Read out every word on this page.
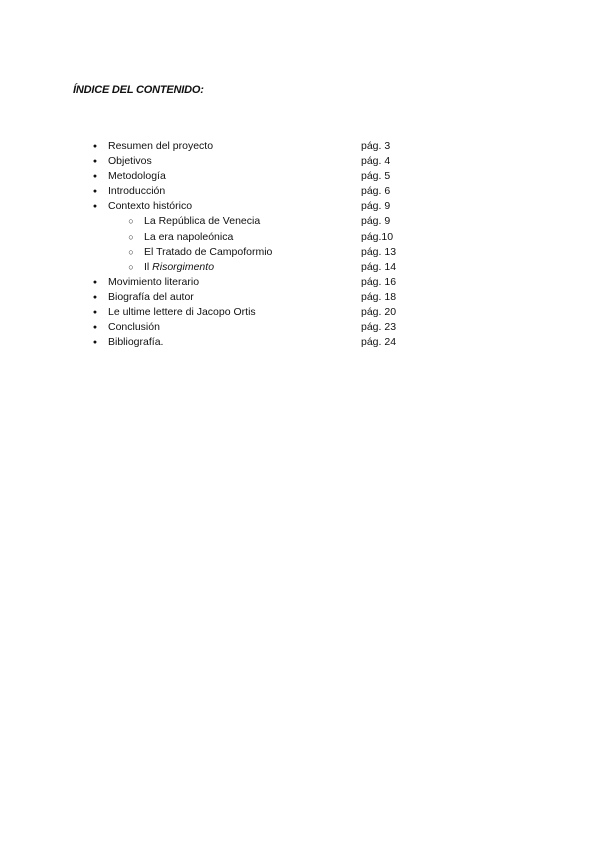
ÍNDICE DEL CONTENIDO:
● Resumen del proyecto	pág. 3
● Objetivos	pág. 4
● Metodología	pág. 5
● Introducción	pág. 6
● Contexto histórico	pág. 9
○ La República de Venecia	pág. 9
○ La era napoleónica	pág.10
○ El Tratado de Campoformio	pág. 13
○ Il Risorgimento	pág. 14
● Movimiento literario	pág. 16
● Biografía del autor	pág. 18
● Le ultime lettere di Jacopo Ortis	pág. 20
● Conclusión	pág. 23
● Bibliografía.	pág. 24
